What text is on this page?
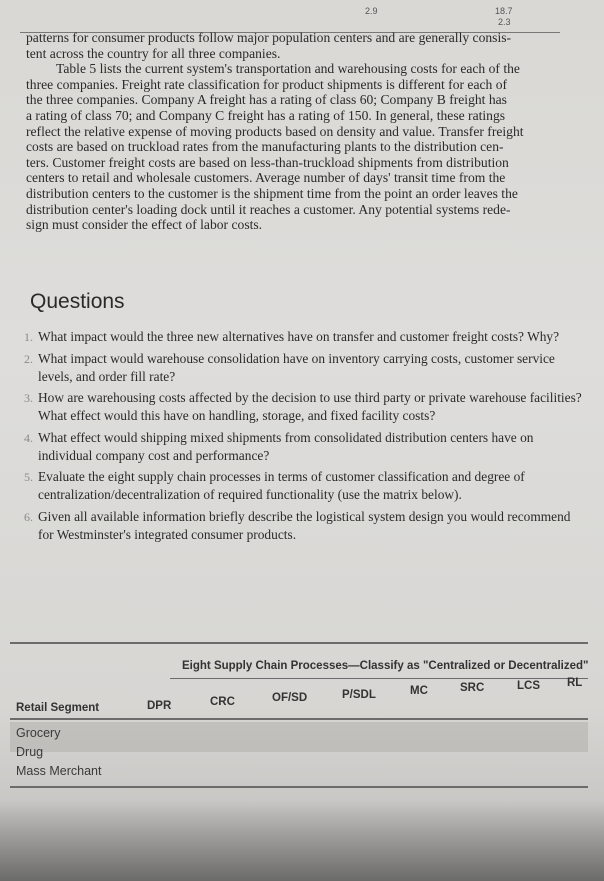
2.9	18.7
2.3
patterns for consumer products follow major population centers and are generally consis-
tent across the country for all three companies.
Table 5 lists the current system's transportation and warehousing costs for each of the
three companies. Freight rate classification for product shipments is different for each of
the three companies. Company A freight has a rating of class 60; Company B freight has
a rating of class 70; and Company C freight has a rating of 150. In general, these ratings
reflect the relative expense of moving products based on density and value. Transfer freight
costs are based on truckload rates from the manufacturing plants to the distribution cen-
ters. Customer freight costs are based on less-than-truckload shipments from distribution
centers to retail and wholesale customers. Average number of days' transit time from the
distribution centers to the customer is the shipment time from the point an order leaves the
distribution center's loading dock until it reaches a customer. Any potential systems rede-
sign must consider the effect of labor costs.
Questions
1. What impact would the three new alternatives have on transfer and customer freight costs? Why?
2. What impact would warehouse consolidation have on inventory carrying costs, customer service levels, and order fill rate?
3. How are warehousing costs affected by the decision to use third party or private warehouse facilities? What effect would this have on handling, storage, and fixed facility costs?
4. What effect would shipping mixed shipments from consolidated distribution centers have on individual company cost and performance?
5. Evaluate the eight supply chain processes in terms of customer classification and degree of centralization/decentralization of required functionality (use the matrix below).
6. Given all available information briefly describe the logistical system design you would recommend for Westminster's integrated consumer products.
Eight Supply Chain Processes—Classify as "Centralized or Decentralized"
Retail Segment	DPR	CRC	OF/SD	P/SDL	MC	SRC	LCS RL
Grocery
Drug
Mass Merchant
